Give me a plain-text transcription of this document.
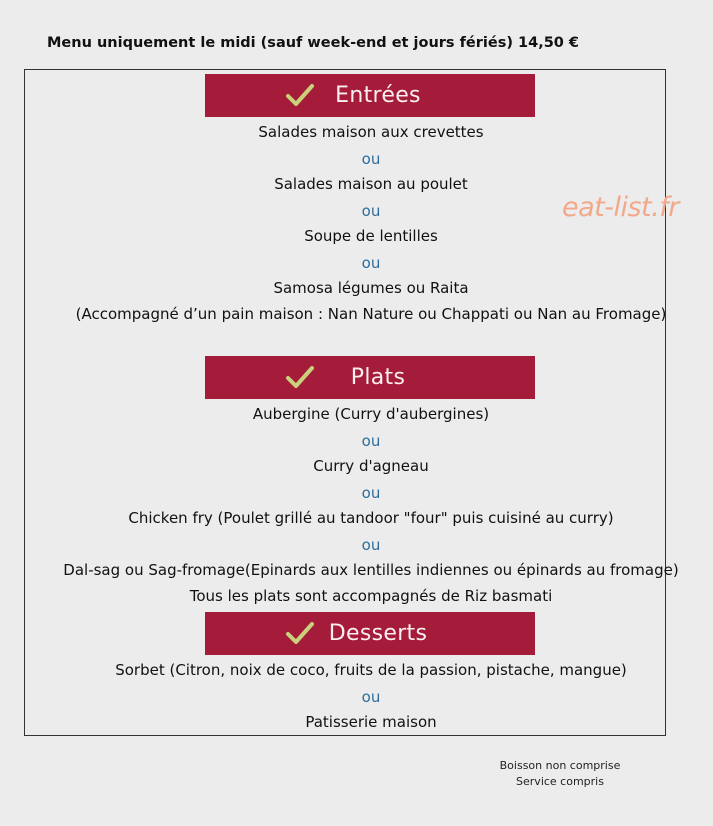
Menu uniquement le midi (sauf week-end et jours fériés) 14,50 €
Entrées
Salades maison aux crevettes
ou
Salades maison au poulet
ou
Soupe de lentilles
ou
Samosa légumes ou Raita
(Accompagné d’un pain maison : Nan Nature ou Chappati ou Nan au Fromage)
Plats
Aubergine (Curry d'aubergines)
ou
Curry d'agneau
ou
Chicken fry (Poulet grillé au tandoor "four" puis cuisiné au curry)
ou
Dal-sag ou Sag-fromage(Epinards aux lentilles indiennes ou épinards au fromage)
Tous les plats sont accompagnés de Riz basmati
Desserts
Sorbet (Citron, noix de coco, fruits de la passion, pistache, mangue)
ou
Patisserie maison
eat-list.fr
Boisson non comprise
Service compris
